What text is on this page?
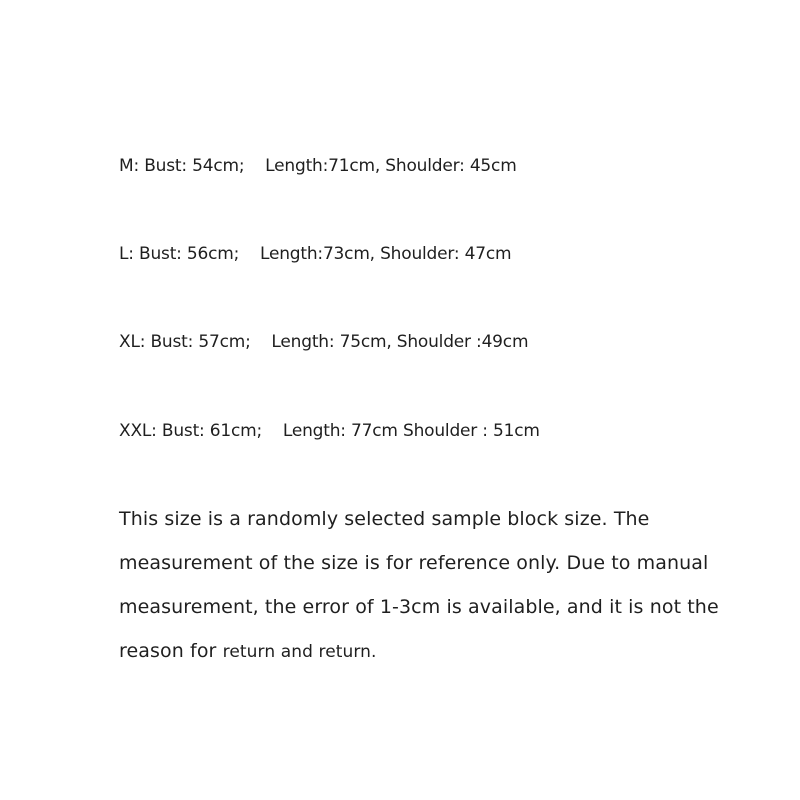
M: Bust: 54cm;    Length:71cm, Shoulder: 45cm
L: Bust: 56cm;    Length:73cm, Shoulder: 47cm
XL: Bust: 57cm;    Length: 75cm, Shoulder :49cm
XXL: Bust: 61cm;    Length: 77cm Shoulder : 51cm
This size is a randomly selected sample block size. The
measurement of the size is for reference only. Due to manual
measurement, the error of 1-3cm is available, and it is not the
reason for return and return.
